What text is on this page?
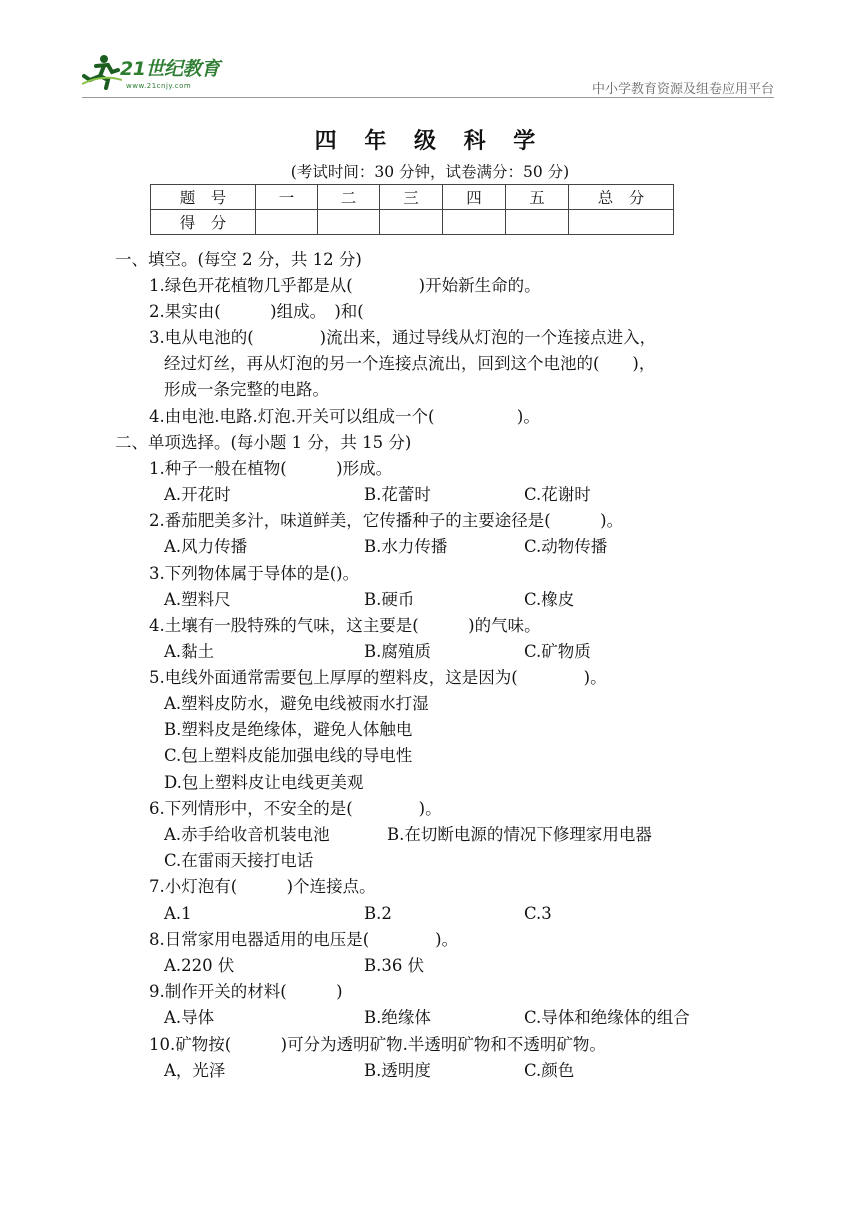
21世纪教育
www.21cnjy.com	中小学教育资源及组卷应用平台
四 年 级 科 学
(考试时间：30 分钟，试卷满分：50 分)
题　号	一	二	三	四	五	总　分
得　分						
一、填空。(每空 2 分，共 12 分)
1.绿色开花植物几乎都是从(　　　　)开始新生命的。
2.果实由(　　　)组成。　)和(
3.电从电池的(　　　　)流出来，通过导线从灯泡的一个连接点进入，
经过灯丝，再从灯泡的另一个连接点流出，回到这个电池的(　　)，
形成一条完整的电路。
4.由电池.电路.灯泡.开关可以组成一个(　　　　　)。
二、单项选择。(每小题 1 分，共 15 分)
1.种子一般在植物(　　　)形成。
A.开花时	B.花蕾时	C.花谢时
2.番茄肥美多汁，味道鲜美，它传播种子的主要途径是(　　　)。
A.风力传播	B.水力传播	C.动物传播
3.下列物体属于导体的是()。
A.塑料尺	B.硬币	C.橡皮
4.土壤有一股特殊的气味，这主要是(　　　)的气味。
A.黏土	B.腐殖质	C.矿物质
5.电线外面通常需要包上厚厚的塑料皮，这是因为(　　　　)。
A.塑料皮防水，避免电线被雨水打湿
B.塑料皮是绝缘体，避免人体触电
C.包上塑料皮能加强电线的导电性
D.包上塑料皮让电线更美观
6.下列情形中，不安全的是(　　　　)。
A.赤手给收音机装电池	B.在切断电源的情况下修理家用电器
C.在雷雨天接打电话
7.小灯泡有(　　　)个连接点。
A.1	B.2	C.3
8.日常家用电器适用的电压是(　　　　)。
A.220 伏	B.36 伏
9.制作开关的材料(　　　)
A.导体	B.绝缘体	C.导体和绝缘体的组合
10.矿物按(　　　)可分为透明矿物.半透明矿物和不透明矿物。
A，光泽	B.透明度	C.颜色
